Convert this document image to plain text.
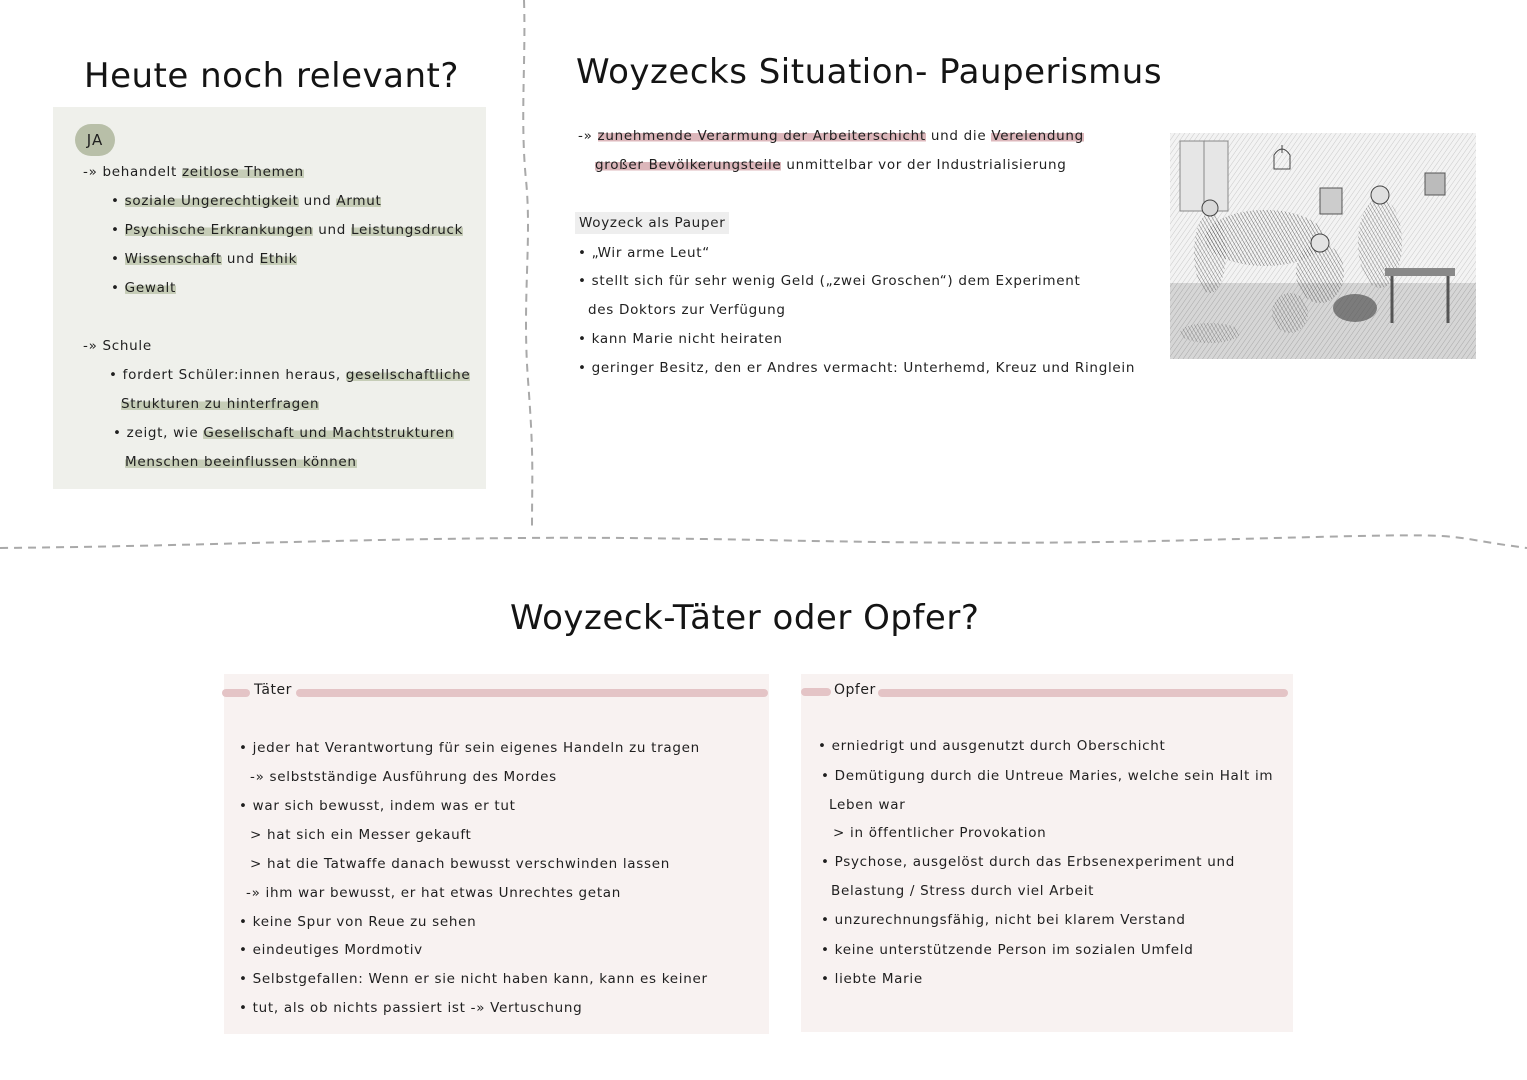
Heute noch relevant?
JA
-» behandelt zeitlose Themen
• soziale Ungerechtigkeit und Armut
• Psychische Erkrankungen und Leistungsdruck
• Wissenschaft und Ethik
• Gewalt
-» Schule
• fordert Schüler:innen heraus, gesellschaftliche
Strukturen zu hinterfragen
• zeigt, wie Gesellschaft und Machtstrukturen
Menschen beeinflussen können
Woyzecks Situation- Pauperismus
-» zunehmende Verarmung der Arbeiterschicht und die Verelendung
großer Bevölkerungsteile unmittelbar vor der Industrialisierung
Woyzeck als Pauper
• „Wir arme Leut“
• stellt sich für sehr wenig Geld („zwei Groschen“) dem Experiment
des Doktors zur Verfügung
• kann Marie nicht heiraten
• geringer Besitz, den er Andres vermacht: Unterhemd, Kreuz und Ringlein
Woyzeck-Täter oder Opfer?
Täter
• jeder hat Verantwortung für sein eigenes Handeln zu tragen
-» selbstständige Ausführung des Mordes
• war sich bewusst, indem was er tut
> hat sich ein Messer gekauft
> hat die Tatwaffe danach bewusst verschwinden lassen
-» ihm war bewusst, er hat etwas Unrechtes getan
• keine Spur von Reue zu sehen
• eindeutiges Mordmotiv
• Selbstgefallen: Wenn er sie nicht haben kann, kann es keiner
• tut, als ob nichts passiert ist -» Vertuschung
Opfer
• erniedrigt und ausgenutzt durch Oberschicht
• Demütigung durch die Untreue Maries, welche sein Halt im
Leben war
> in öffentlicher Provokation
• Psychose, ausgelöst durch das Erbsenexperiment und
Belastung / Stress durch viel Arbeit
• unzurechnungsfähig, nicht bei klarem Verstand
• keine unterstützende Person im sozialen Umfeld
• liebte Marie
